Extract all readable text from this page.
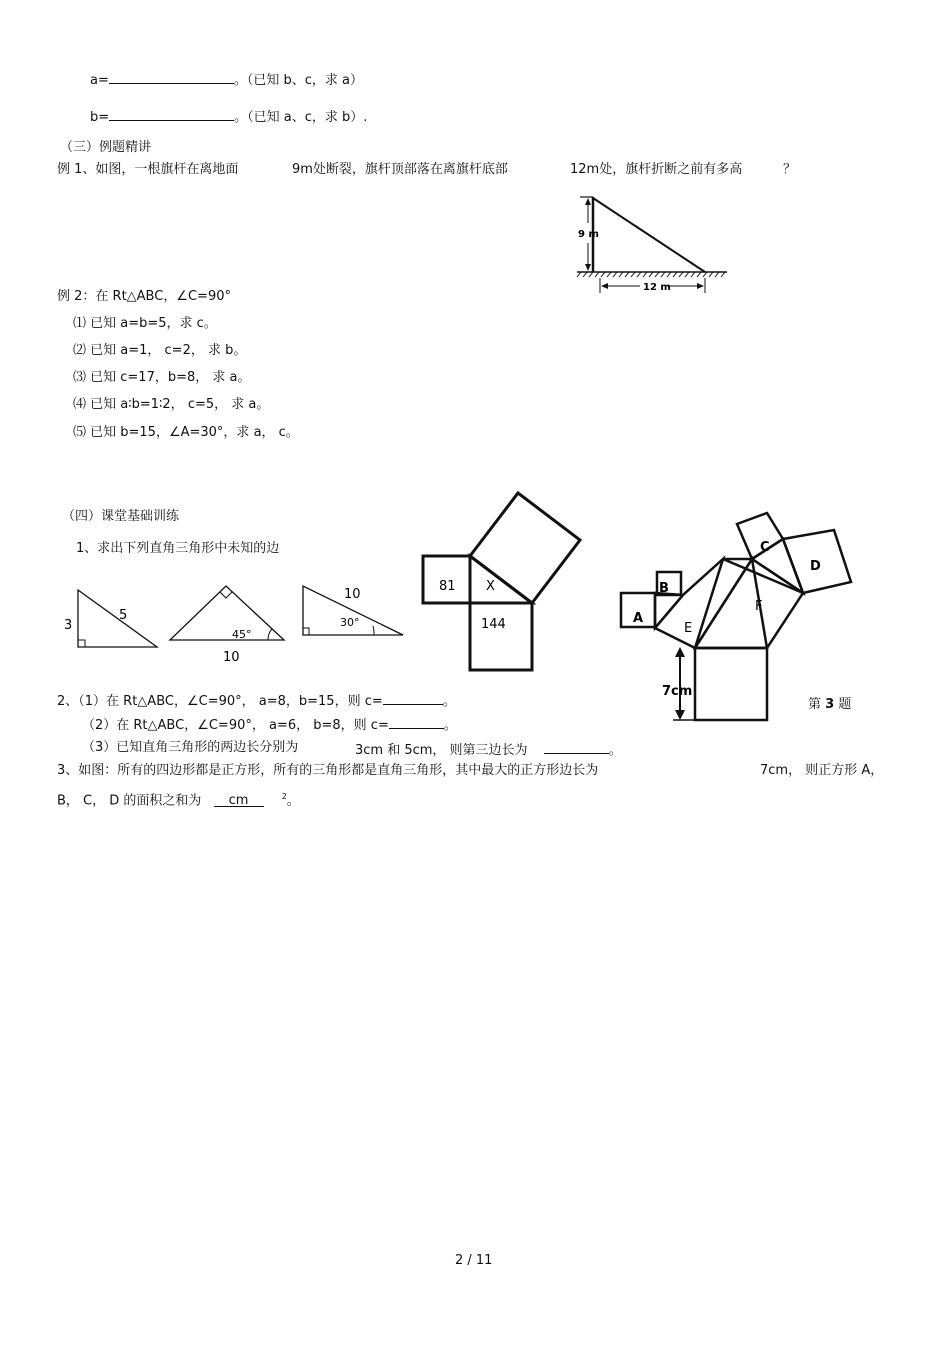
a=	。（已知 b、c，求 a）
b=	。（已知 a、c，求 b）.
（三）例题精讲
例 1、如图，一根旗杆在离地面	9m处断裂，旗杆顶部落在离旗杆底部	12m处，旗杆折断之前有多高	？
9 m
12 m
例 2：在 Rt△ABC，∠C=90°
⑴ 已知 a=b=5，求 c。
⑵ 已知 a=1， c=2， 求 b。
⑶ 已知 c=17，b=8， 求 a。
⑷ 已知 a∶b=1∶2， c=5， 求 a。
⑸ 已知 b=15，∠A=30°，求 a， c。
（四）课堂基础训练
1、求出下列直角三角形中未知的边
3
5
45°
10
10
30°
81 X
144	A
B
C
D
E
F
7cm
第 3 题
2、（1）在 Rt△ABC，∠C=90°， a=8，b=15，则 c=	。
（2）在 Rt△ABC，∠C=90°， a=6， b=8，则 c=	。
（3）已知直角三角形的两边长分别为	3cm 和 5cm， 则第三边长为	。
3、如图：所有的四边形都是正方形，所有的三角形都是直角三角形，其中最大的正方形边长为	7cm， 则正方形 A，
B， C， D 的面积之和为 cm	$^2$。
2 / 11
